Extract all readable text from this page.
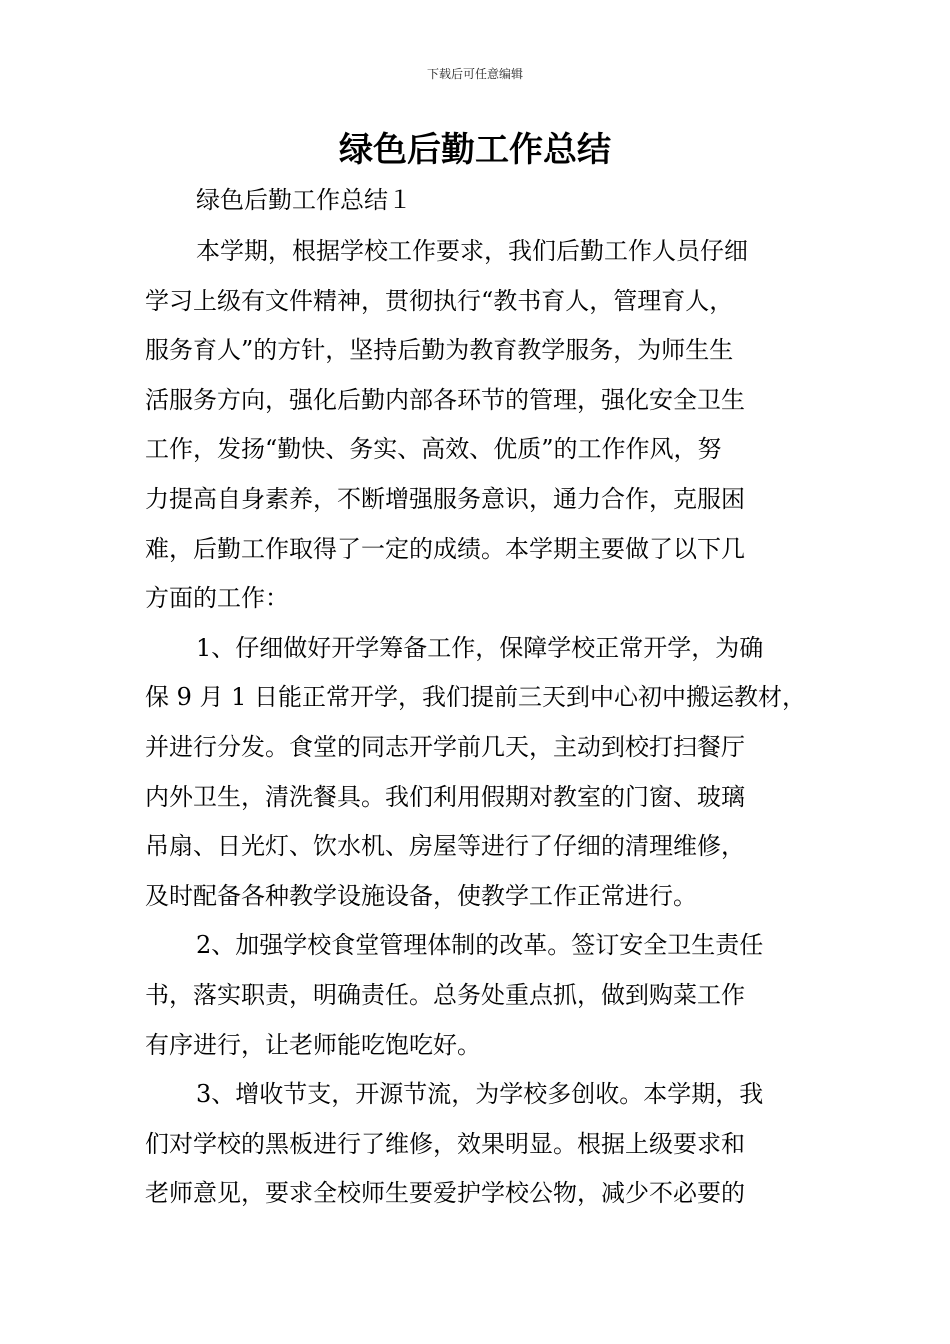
下载后可任意编辑
绿色后勤工作总结

绿色后勤工作总结１

本学期，根据学校工作要求，我们后勤工作人员仔细
学习上级有文件精神，贯彻执行“教书育人，管理育人，
服务育人”的方针，坚持后勤为教育教学服务，为师生生
活服务方向，强化后勤内部各环节的管理，强化安全卫生
工作，发扬“勤快、务实、高效、优质”的工作作风，努
力提高自身素养，不断增强服务意识，通力合作，克服困
难，后勤工作取得了一定的成绩。本学期主要做了以下几
方面的工作：

1、仔细做好开学筹备工作，保障学校正常开学，为确
保 9 月 1 日能正常开学，我们提前三天到中心初中搬运教材，
并进行分发。食堂的同志开学前几天，主动到校打扫餐厅
内外卫生，清洗餐具。我们利用假期对教室的门窗、玻璃
吊扇、日光灯、饮水机、房屋等进行了仔细的清理维修，
及时配备各种教学设施设备，使教学工作正常进行。

2、加强学校食堂管理体制的改革。签订安全卫生责任
书，落实职责，明确责任。总务处重点抓，做到购菜工作
有序进行，让老师能吃饱吃好。

3、增收节支，开源节流，为学校多创收。本学期，我
们对学校的黑板进行了维修，效果明显。根据上级要求和
老师意见，要求全校师生要爱护学校公物，减少不必要的
